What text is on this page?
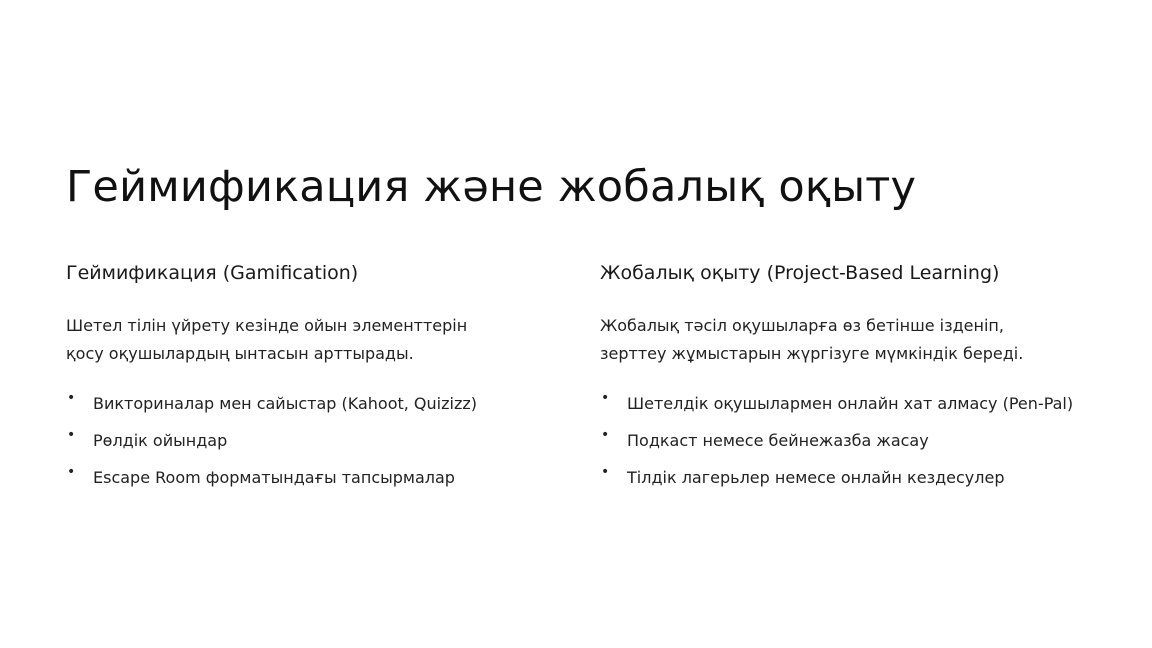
Геймификация және жобалық оқыту
Геймификация (Gamification)

Шетел тілін үйрету кезінде ойын элементтерін
қосу оқушылардың ынтасын арттырады.

• Викториналар мен сайыстар (Kahoot, Quizizz)
• Рөлдік ойындар
• Escape Room форматындағы тапсырмалар
Жобалық оқыту (Project-Based Learning)

Жобалық тәсіл оқушыларға өз бетінше ізденіп,
зерттеу жұмыстарын жүргізуге мүмкіндік береді.

• Шетелдік оқушылармен онлайн хат алмасу (Pen-Pal)
• Подкаст немесе бейнежазба жасау
• Тілдік лагерьлер немесе онлайн кездесулер
